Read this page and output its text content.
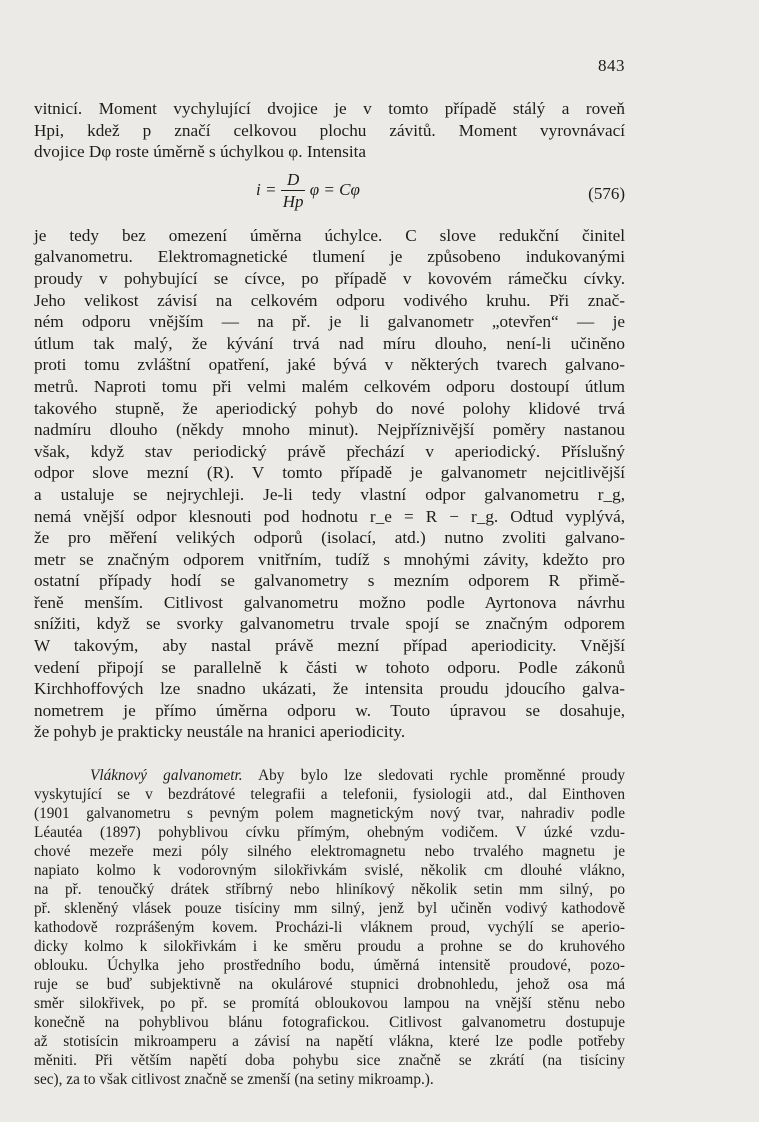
843
vitnicí. Moment vychylující dvojice je v tomto případě stálý a roveň
Hpi, kdež p značí celkovou plochu závitů. Moment vyrovnávací
dvojice Dφ roste úměrně s úchylkou φ. Intensita
$i = \frac{D}{Hp}$ φ = Cφ	(576)
je tedy bez omezení úměrna úchylce. C slove redukční činitel
galvanometru. Elektromagnetické tlumení je způsobeno indukovanými
proudy v pohybující se cívce, po případě v kovovém rámečku cívky.
Jeho velikost závisí na celkovém odporu vodivého kruhu. Při znač-
ném odporu vnějším — na př. je li galvanometr „otevřen“ — je
útlum tak malý, že kývání trvá nad míru dlouho, není-li učiněno
proti tomu zvláštní opatření, jaké bývá v některých tvarech galvano-
metrů. Naproti tomu při velmi malém celkovém odporu dostoupí útlum
takového stupně, že aperiodický pohyb do nové polohy klidové trvá
nadmíru dlouho (někdy mnoho minut). Nejpříznivější poměry nastanou
však, když stav periodický právě přechází v aperiodický. Příslušný
odpor slove mezní (R). V tomto případě je galvanometr nejcitlivější
a ustaluje se nejrychleji. Je-li tedy vlastní odpor galvanometru r_g,
nemá vnější odpor klesnouti pod hodnotu r_e = R − r_g. Odtud vyplývá,
že pro měření velikých odporů (isolací, atd.) nutno zvoliti galvano-
metr se značným odporem vnitřním, tudíž s mnohými závity, kdežto pro
ostatní případy hodí se galvanometry s mezním odporem R přimě-
řeně menším. Citlivost galvanometru možno podle Ayrtonova návrhu
snížiti, když se svorky galvanometru trvale spojí se značným odporem
W takovým, aby nastal právě mezní případ aperiodicity. Vnější
vedení připojí se parallelně k části w tohoto odporu. Podle zákonů
Kirchhoffových lze snadno ukázati, že intensita proudu jdoucího galva-
nometrem je přímo úměrna odporu w. Touto úpravou se dosahuje,
že pohyb je prakticky neustále na hranici aperiodicity.
Vláknový galvanometr. Aby bylo lze sledovati rychle proměnné proudy
vyskytující se v bezdrátové telegrafii a telefonii, fysiologii atd., dal Einthoven
(1901 galvanometru s pevným polem magnetickým nový tvar, nahradiv podle
Léautéa (1897) pohyblivou cívku přímým, ohebným vodičem. V úzké vzdu-
chové mezeře mezi póly silného elektromagnetu nebo trvalého magnetu je
napiato kolmo k vodorovným silokřivkám svislé, několik cm dlouhé vlákno,
na př. tenoučký drátek stříbrný nebo hliníkový několik setin mm silný, po
př. skleněný vlásek pouze tisíciny mm silný, jenž byl učiněn vodivý kathodově
kathodově rozprášeným kovem. Procházi-li vláknem proud, vychýlí se aperio-
dicky kolmo k silokřivkám i ke směru proudu a prohne se do kruhového
oblouku. Úchylka jeho prostředního bodu, úměrná intensitě proudové, pozo-
ruje se buď subjektivně na okulárové stupnici drobnohledu, jehož osa má
směr silokřivek, po př. se promítá obloukovou lampou na vnější stěnu nebo
konečně na pohyblivou blánu fotografickou. Citlivost galvanometru dostupuje
až stotisícin mikroamperu a závisí na napětí vlákna, které lze podle potřeby
měniti. Při větším napětí doba pohybu sice značně se zkrátí (na tisíciny
sec), za to však citlivost značně se zmenší (na setiny mikroamp.).
